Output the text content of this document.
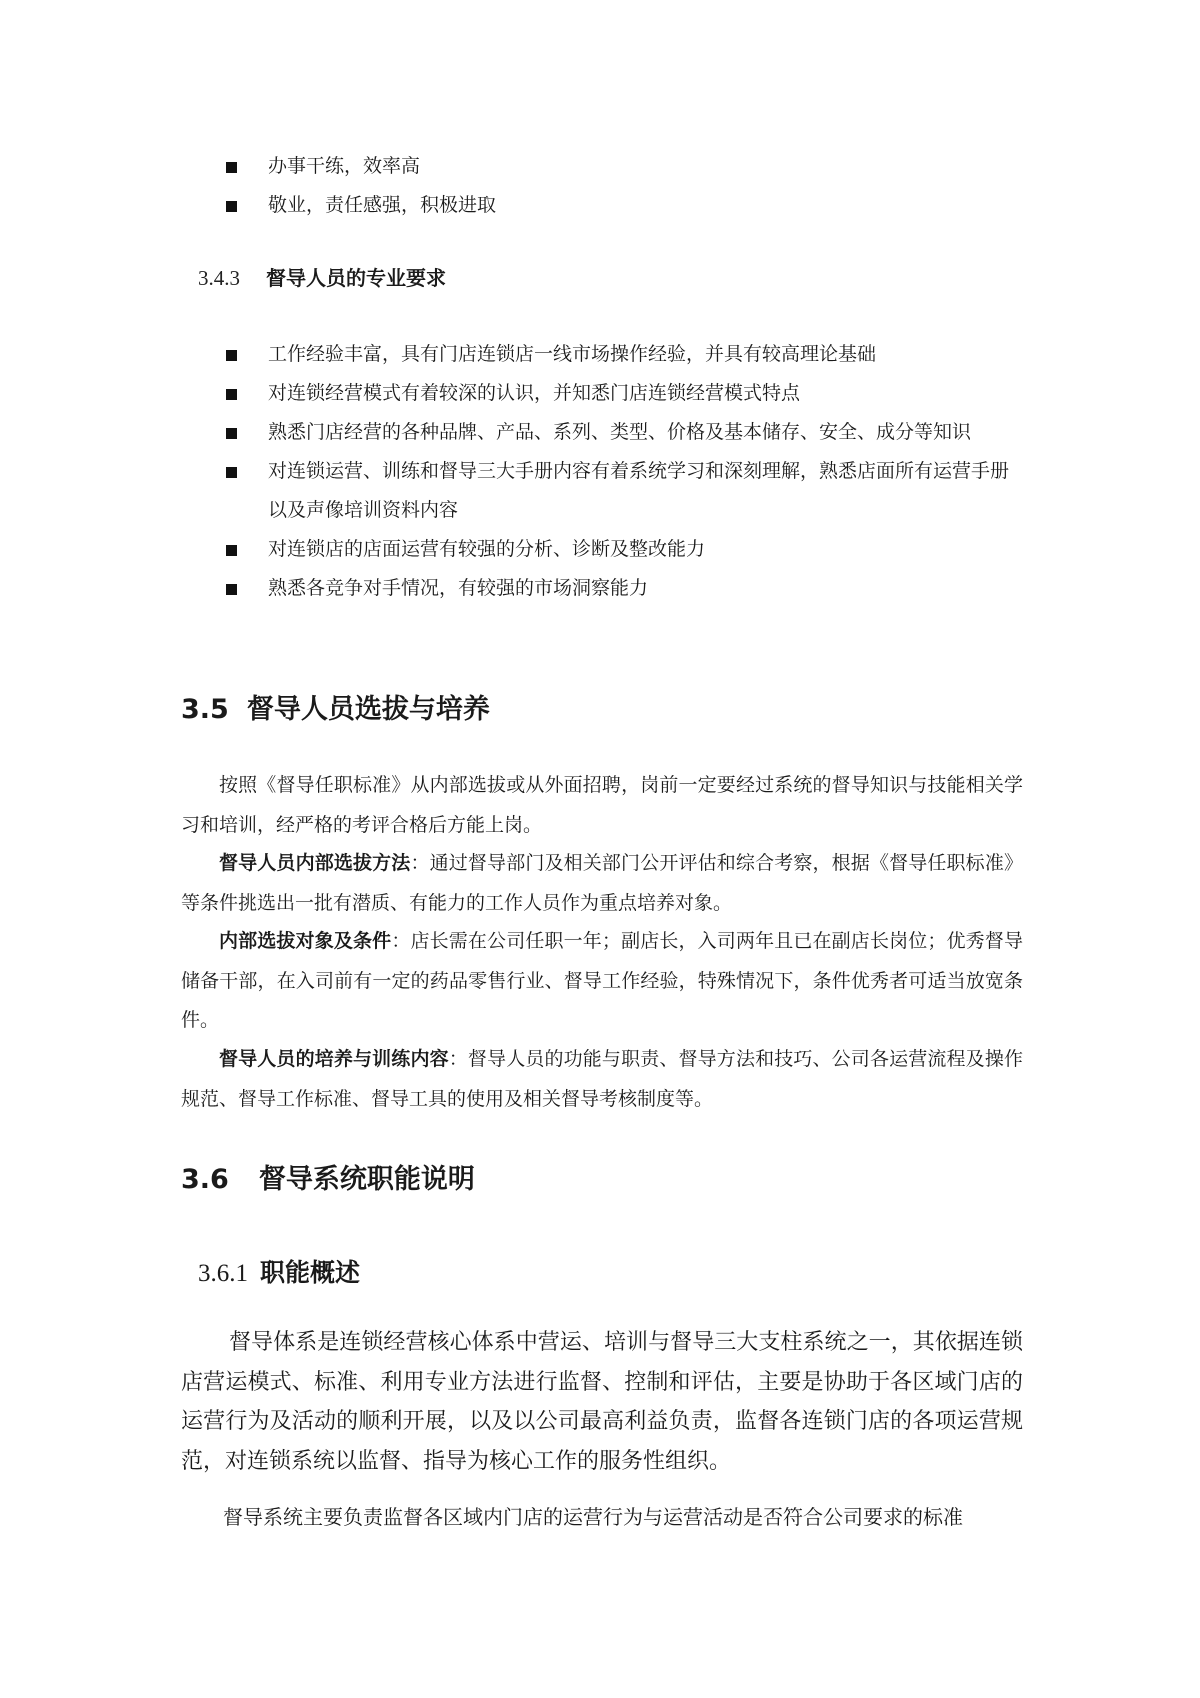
办事干练，效率高
敬业，责任感强，积极进取
3.4.3 督导人员的专业要求
工作经验丰富，具有门店连锁店一线市场操作经验，并具有较高理论基础
对连锁经营模式有着较深的认识，并知悉门店连锁经营模式特点
熟悉门店经营的各种品牌、产品、系列、类型、价格及基本储存、安全、成分等知识
对连锁运营、训练和督导三大手册内容有着系统学习和深刻理解，熟悉店面所有运营手册以及声像培训资料内容
对连锁店的店面运营有较强的分析、诊断及整改能力
熟悉各竞争对手情况，有较强的市场洞察能力
3.5 督导人员选拔与培养

按照《督导任职标准》从内部选拔或从外面招聘，岗前一定要经过系统的督导知识与技能相关学习和培训，经严格的考评合格后方能上岗。

督导人员内部选拔方法：通过督导部门及相关部门公开评估和综合考察，根据《督导任职标准》等条件挑选出一批有潜质、有能力的工作人员作为重点培养对象。

内部选拔对象及条件：店长需在公司任职一年；副店长，入司两年且已在副店长岗位；优秀督导储备干部，在入司前有一定的药品零售行业、督导工作经验，特殊情况下，条件优秀者可适当放宽条件。

督导人员的培养与训练内容：督导人员的功能与职责、督导方法和技巧、公司各运营流程及操作规范、督导工作标准、督导工具的使用及相关督导考核制度等。

3.6 督导系统职能说明
3.6.1 职能概述

督导体系是连锁经营核心体系中营运、培训与督导三大支柱系统之一，其依据连锁店营运模式、标准、利用专业方法进行监督、控制和评估，主要是协助于各区域门店的运营行为及活动的顺利开展，以及以公司最高利益负责，监督各连锁门店的各项运营规范，对连锁系统以监督、指导为核心工作的服务性组织。

督导系统主要负责监督各区域内门店的运营行为与运营活动是否符合公司要求的标准
